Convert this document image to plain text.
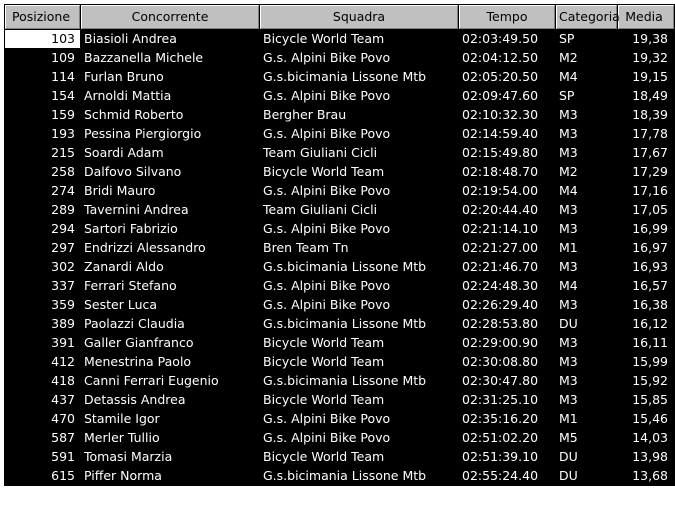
Posizione	Concorrente	Squadra	Tempo	Categoria	Media
103	Biasioli Andrea	Bicycle World Team	02:03:49.50	SP	19,38
109	Bazzanella Michele	G.s. Alpini Bike Povo	02:04:12.50	M2	19,32
114	Furlan Bruno	G.s.bicimania Lissone Mtb	02:05:20.50	M4	19,15
154	Arnoldi Mattia	G.s. Alpini Bike Povo	02:09:47.60	SP	18,49
159	Schmid Roberto	Bergher Brau	02:10:32.30	M3	18,39
193	Pessina Piergiorgio	G.s. Alpini Bike Povo	02:14:59.40	M3	17,78
215	Soardi Adam	Team Giuliani Cicli	02:15:49.80	M3	17,67
258	Dalfovo Silvano	Bicycle World Team	02:18:48.70	M2	17,29
274	Bridi Mauro	G.s. Alpini Bike Povo	02:19:54.00	M4	17,16
289	Tavernini Andrea	Team Giuliani Cicli	02:20:44.40	M3	17,05
294	Sartori Fabrizio	G.s. Alpini Bike Povo	02:21:14.10	M3	16,99
297	Endrizzi Alessandro	Bren Team Tn	02:21:27.00	M1	16,97
302	Zanardi Aldo	G.s.bicimania Lissone Mtb	02:21:46.70	M3	16,93
337	Ferrari Stefano	G.s. Alpini Bike Povo	02:24:48.30	M4	16,57
359	Sester Luca	G.s. Alpini Bike Povo	02:26:29.40	M3	16,38
389	Paolazzi Claudia	G.s.bicimania Lissone Mtb	02:28:53.80	DU	16,12
391	Galler Gianfranco	Bicycle World Team	02:29:00.90	M3	16,11
412	Menestrina Paolo	Bicycle World Team	02:30:08.80	M3	15,99
418	Canni Ferrari Eugenio	G.s.bicimania Lissone Mtb	02:30:47.80	M3	15,92
437	Detassis Andrea	Bicycle World Team	02:31:25.10	M3	15,85
470	Stamile Igor	G.s. Alpini Bike Povo	02:35:16.20	M1	15,46
587	Merler Tullio	G.s. Alpini Bike Povo	02:51:02.20	M5	14,03
591	Tomasi Marzia	Bicycle World Team	02:51:39.10	DU	13,98
615	Piffer Norma	G.s.bicimania Lissone Mtb	02:55:24.40	DU	13,68
